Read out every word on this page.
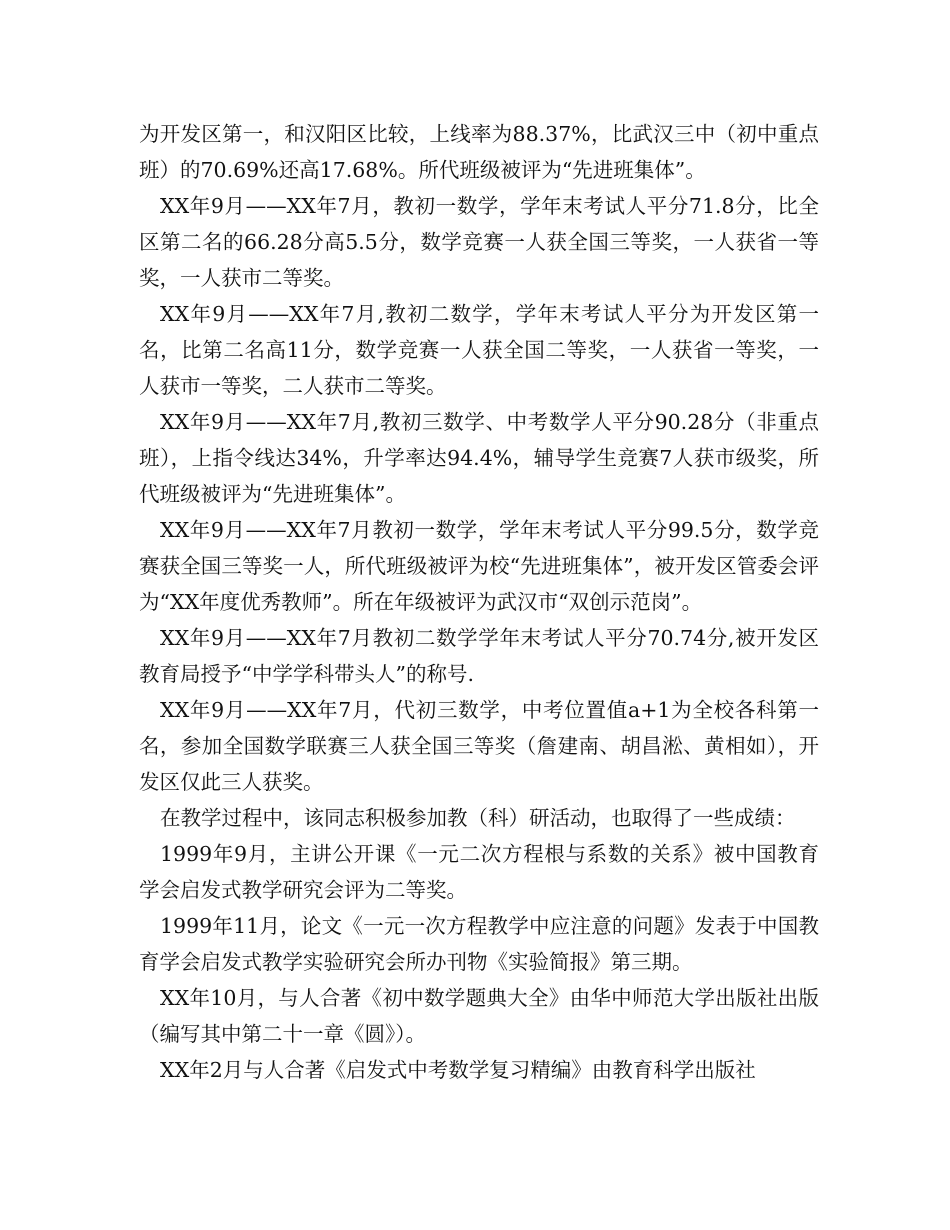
为开发区第一，和汉阳区比较，上线率为88.37%，比武汉三中（初中重点班）的70.69%还高17.68%。所代班级被评为“先进班集体”。

XX年9月——XX年7月，教初一数学，学年末考试人平分71.8分，比全区第二名的66.28分高5.5分，数学竞赛一人获全国三等奖，一人获省一等奖，一人获市二等奖。

XX年9月——XX年7月,教初二数学，学年末考试人平分为开发区第一名，比第二名高11分，数学竞赛一人获全国二等奖，一人获省一等奖，一人获市一等奖，二人获市二等奖。

XX年9月——XX年7月,教初三数学、中考数学人平分90.28分（非重点班），上指令线达34%，升学率达94.4%，辅导学生竞赛7人获市级奖，所代班级被评为“先进班集体”。

XX年9月——XX年7月教初一数学，学年末考试人平分99.5分，数学竞赛获全国三等奖一人，所代班级被评为校“先进班集体”，被开发区管委会评为“XX年度优秀教师”。所在年级被评为武汉市“双创示范岗”。

XX年9月——XX年7月教初二数学学年末考试人平分70.74分,被开发区教育局授予“中学学科带头人”的称号.

XX年9月——XX年7月，代初三数学，中考位置值a+1为全校各科第一名，参加全国数学联赛三人获全国三等奖（詹建南、胡昌淞、黄相如），开发区仅此三人获奖。

在教学过程中，该同志积极参加教（科）研活动，也取得了一些成绩：

1999年9月，主讲公开课《一元二次方程根与系数的关系》被中国教育学会启发式教学研究会评为二等奖。

1999年11月，论文《一元一次方程教学中应注意的问题》发表于中国教育学会启发式教学实验研究会所办刊物《实验简报》第三期。

XX年10月，与人合著《初中数学题典大全》由华中师范大学出版社出版（编写其中第二十一章《圆》）。

XX年2月与人合著《启发式中考数学复习精编》由教育科学出版社
